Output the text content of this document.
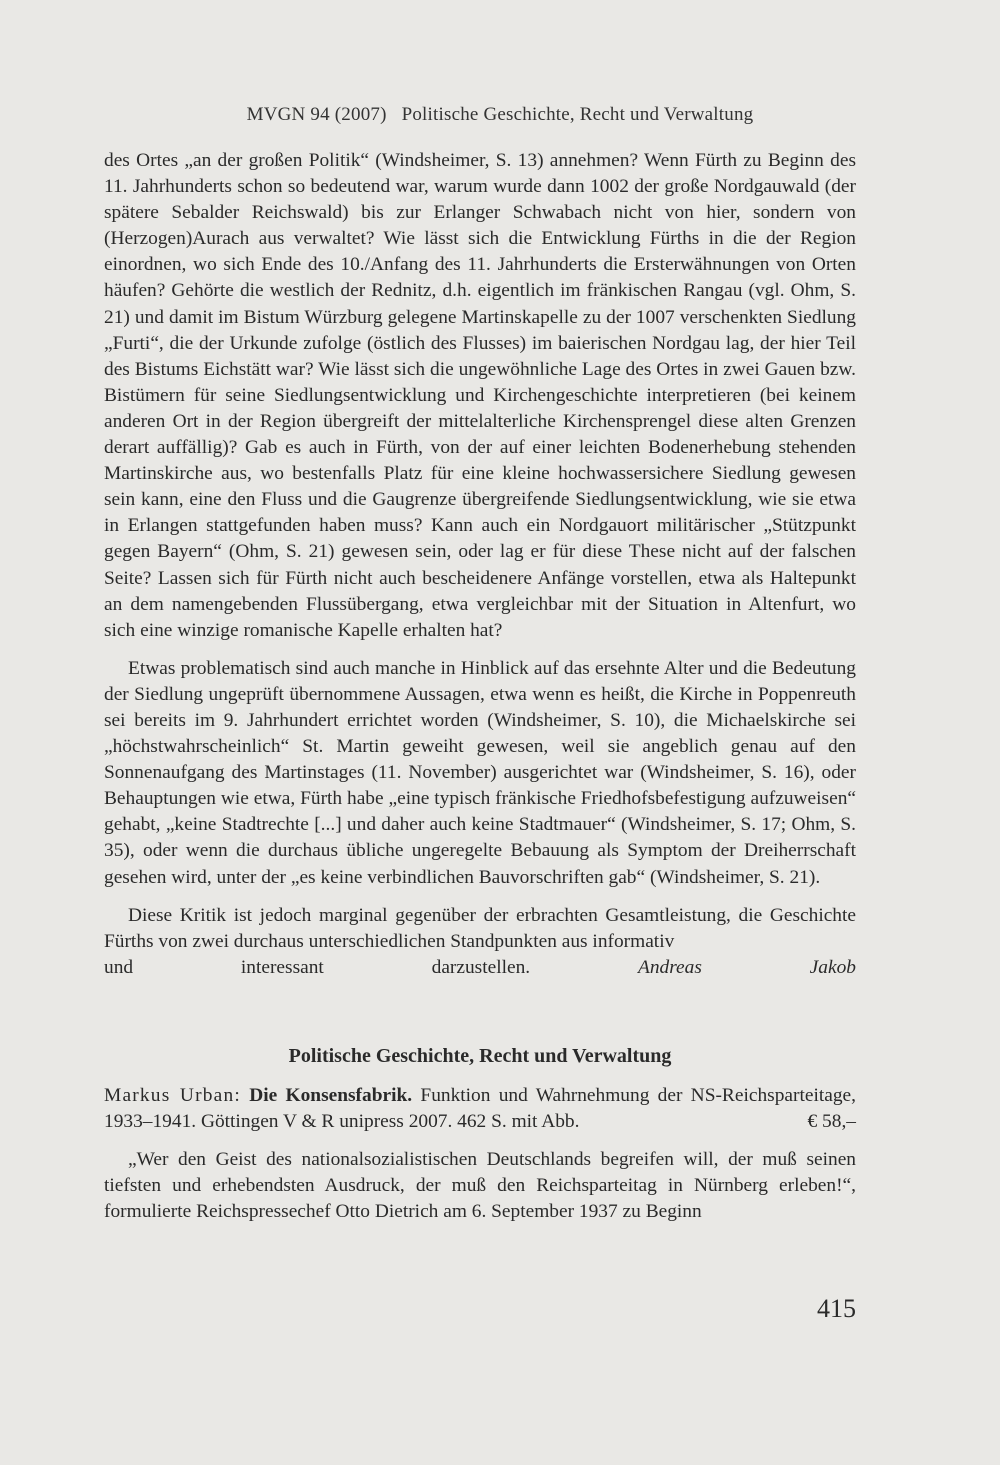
MVGN 94 (2007) Politische Geschichte, Recht und Verwaltung

des Ortes „an der großen Politik“ (Windsheimer, S. 13) annehmen? Wenn Fürth zu Beginn des 11. Jahrhunderts schon so bedeutend war, warum wurde dann 1002 der große Nordgauwald (der spätere Sebalder Reichswald) bis zur Erlanger Schwabach nicht von hier, sondern von (Herzogen)Aurach aus verwaltet? Wie lässt sich die Entwicklung Fürths in die der Region einordnen, wo sich Ende des 10./Anfang des 11. Jahrhunderts die Ersterwähnungen von Orten häufen? Gehörte die westlich der Rednitz, d.h. eigentlich im fränkischen Rangau (vgl. Ohm, S. 21) und damit im Bistum Würzburg gelegene Martinskapelle zu der 1007 verschenkten Siedlung „Furti“, die der Urkunde zufolge (östlich des Flusses) im baierischen Nordgau lag, der hier Teil des Bistums Eichstätt war? Wie lässt sich die ungewöhnliche Lage des Ortes in zwei Gauen bzw. Bistümern für seine Siedlungsentwicklung und Kirchengeschichte interpretieren (bei keinem anderen Ort in der Region übergreift der mittelalterliche Kirchensprengel diese alten Grenzen derart auffällig)? Gab es auch in Fürth, von der auf einer leichten Bodenerhebung stehenden Martinskirche aus, wo bestenfalls Platz für eine kleine hochwassersichere Siedlung gewesen sein kann, eine den Fluss und die Gaugrenze übergreifende Siedlungsentwicklung, wie sie etwa in Erlangen stattgefunden haben muss? Kann auch ein Nordgauort militärischer „Stützpunkt gegen Bayern“ (Ohm, S. 21) gewesen sein, oder lag er für diese These nicht auf der falschen Seite? Lassen sich für Fürth nicht auch bescheidenere Anfänge vorstellen, etwa als Haltepunkt an dem namengebenden Flussübergang, etwa vergleichbar mit der Situation in Altenfurt, wo sich eine winzige romanische Kapelle erhalten hat?

Etwas problematisch sind auch manche in Hinblick auf das ersehnte Alter und die Bedeutung der Siedlung ungeprüft übernommene Aussagen, etwa wenn es heißt, die Kirche in Poppenreuth sei bereits im 9. Jahrhundert errichtet worden (Windsheimer, S. 10), die Michaelskirche sei „höchstwahrscheinlich“ St. Martin geweiht gewesen, weil sie angeblich genau auf den Sonnenaufgang des Martinstages (11. November) ausgerichtet war (Windsheimer, S. 16), oder Behauptungen wie etwa, Fürth habe „eine typisch fränkische Friedhofsbefestigung aufzuweisen“ gehabt, „keine Stadtrechte [...] und daher auch keine Stadtmauer“ (Windsheimer, S. 17; Ohm, S. 35), oder wenn die durchaus übliche ungeregelte Bebauung als Symptom der Dreiherrschaft gesehen wird, unter der „es keine verbindlichen Bauvorschriften gab“ (Windsheimer, S. 21).

Diese Kritik ist jedoch marginal gegenüber der erbrachten Gesamtleistung, die Geschichte Fürths von zwei durchaus unterschiedlichen Standpunkten aus informativ

und interessant darzustellen.	Andreas Jakob

Politische Geschichte, Recht und Verwaltung

Markus Urban: Die Konsensfabrik. Funktion und Wahrnehmung der NS-Reichsparteitage, 1933–1941. Göttingen V & R unipress 2007. 462 S. mit Abb.	€ 58,–

„Wer den Geist des nationalsozialistischen Deutschlands begreifen will, der muß seinen tiefsten und erhebendsten Ausdruck, der muß den Reichsparteitag in Nürnberg erleben!“, formulierte Reichspressechef Otto Dietrich am 6. September 1937 zu Beginn

415
